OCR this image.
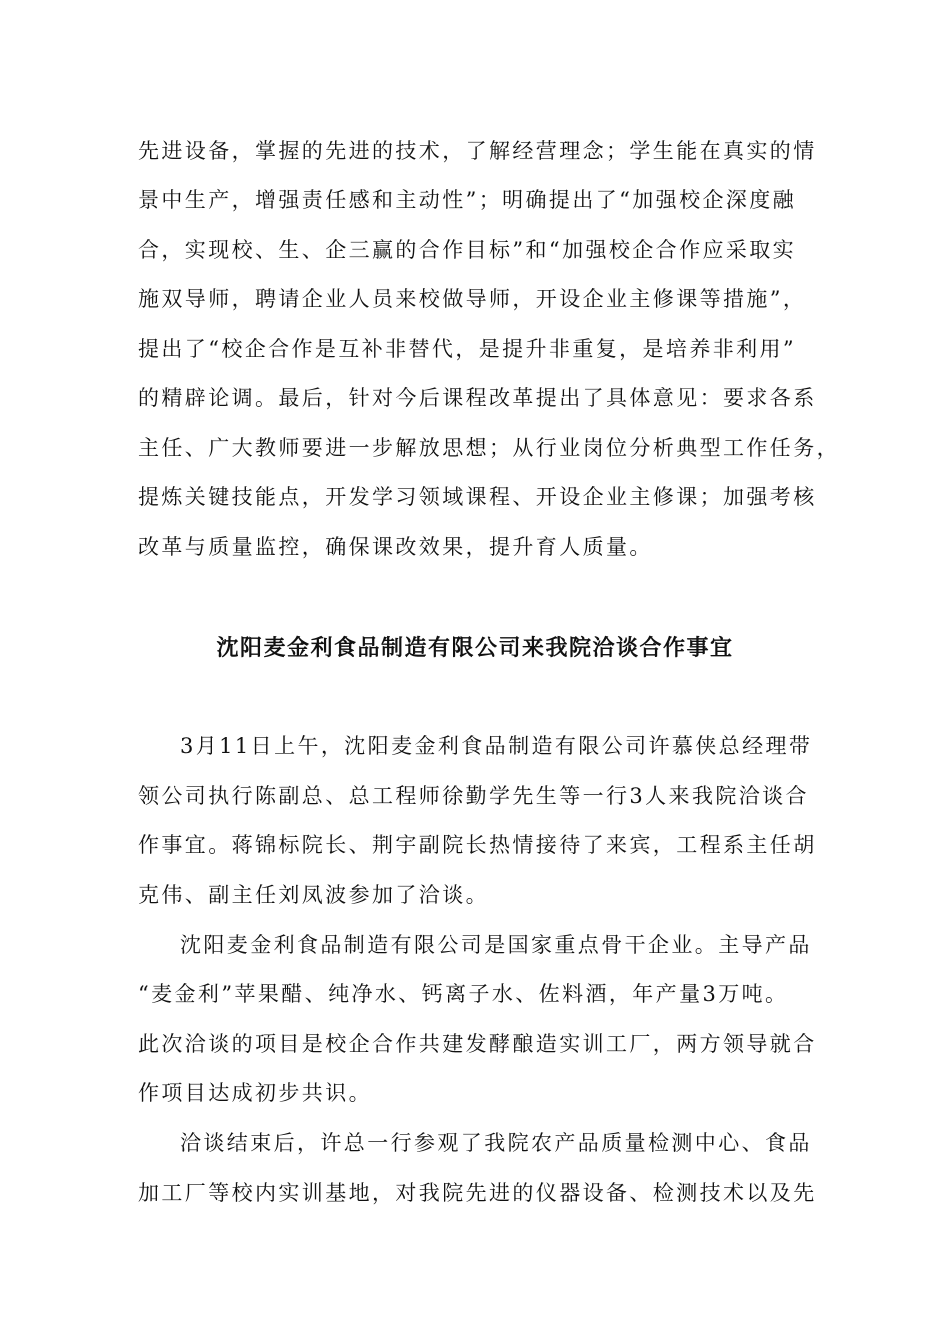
先进设备，掌握的先进的技术，了解经营理念；学生能在真实的情
景中生产，增强责任感和主动性”；明确提出了“加强校企深度融
合，实现校、生、企三赢的合作目标”和“加强校企合作应采取实
施双导师，聘请企业人员来校做导师，开设企业主修课等措施”，
提出了“校企合作是互补非替代，是提升非重复，是培养非利用”
的精辟论调。最后，针对今后课程改革提出了具体意见：要求各系
主任、广大教师要进一步解放思想；从行业岗位分析典型工作任务，
提炼关键技能点，开发学习领域课程、开设企业主修课；加强考核
改革与质量监控，确保课改效果，提升育人质量。
沈阳麦金利食品制造有限公司来我院洽谈合作事宜
3月11日上午，沈阳麦金利食品制造有限公司许慕侠总经理带
领公司执行陈副总、总工程师徐勤学先生等一行3人来我院洽谈合
作事宜。蒋锦标院长、荆宇副院长热情接待了来宾，工程系主任胡
克伟、副主任刘凤波参加了洽谈。
沈阳麦金利食品制造有限公司是国家重点骨干企业。主导产品
“麦金利”苹果醋、纯净水、钙离子水、佐料酒，年产量3万吨。
此次洽谈的项目是校企合作共建发酵酿造实训工厂，两方领导就合
作项目达成初步共识。
洽谈结束后，许总一行参观了我院农产品质量检测中心、食品
加工厂等校内实训基地，对我院先进的仪器设备、检测技术以及先
